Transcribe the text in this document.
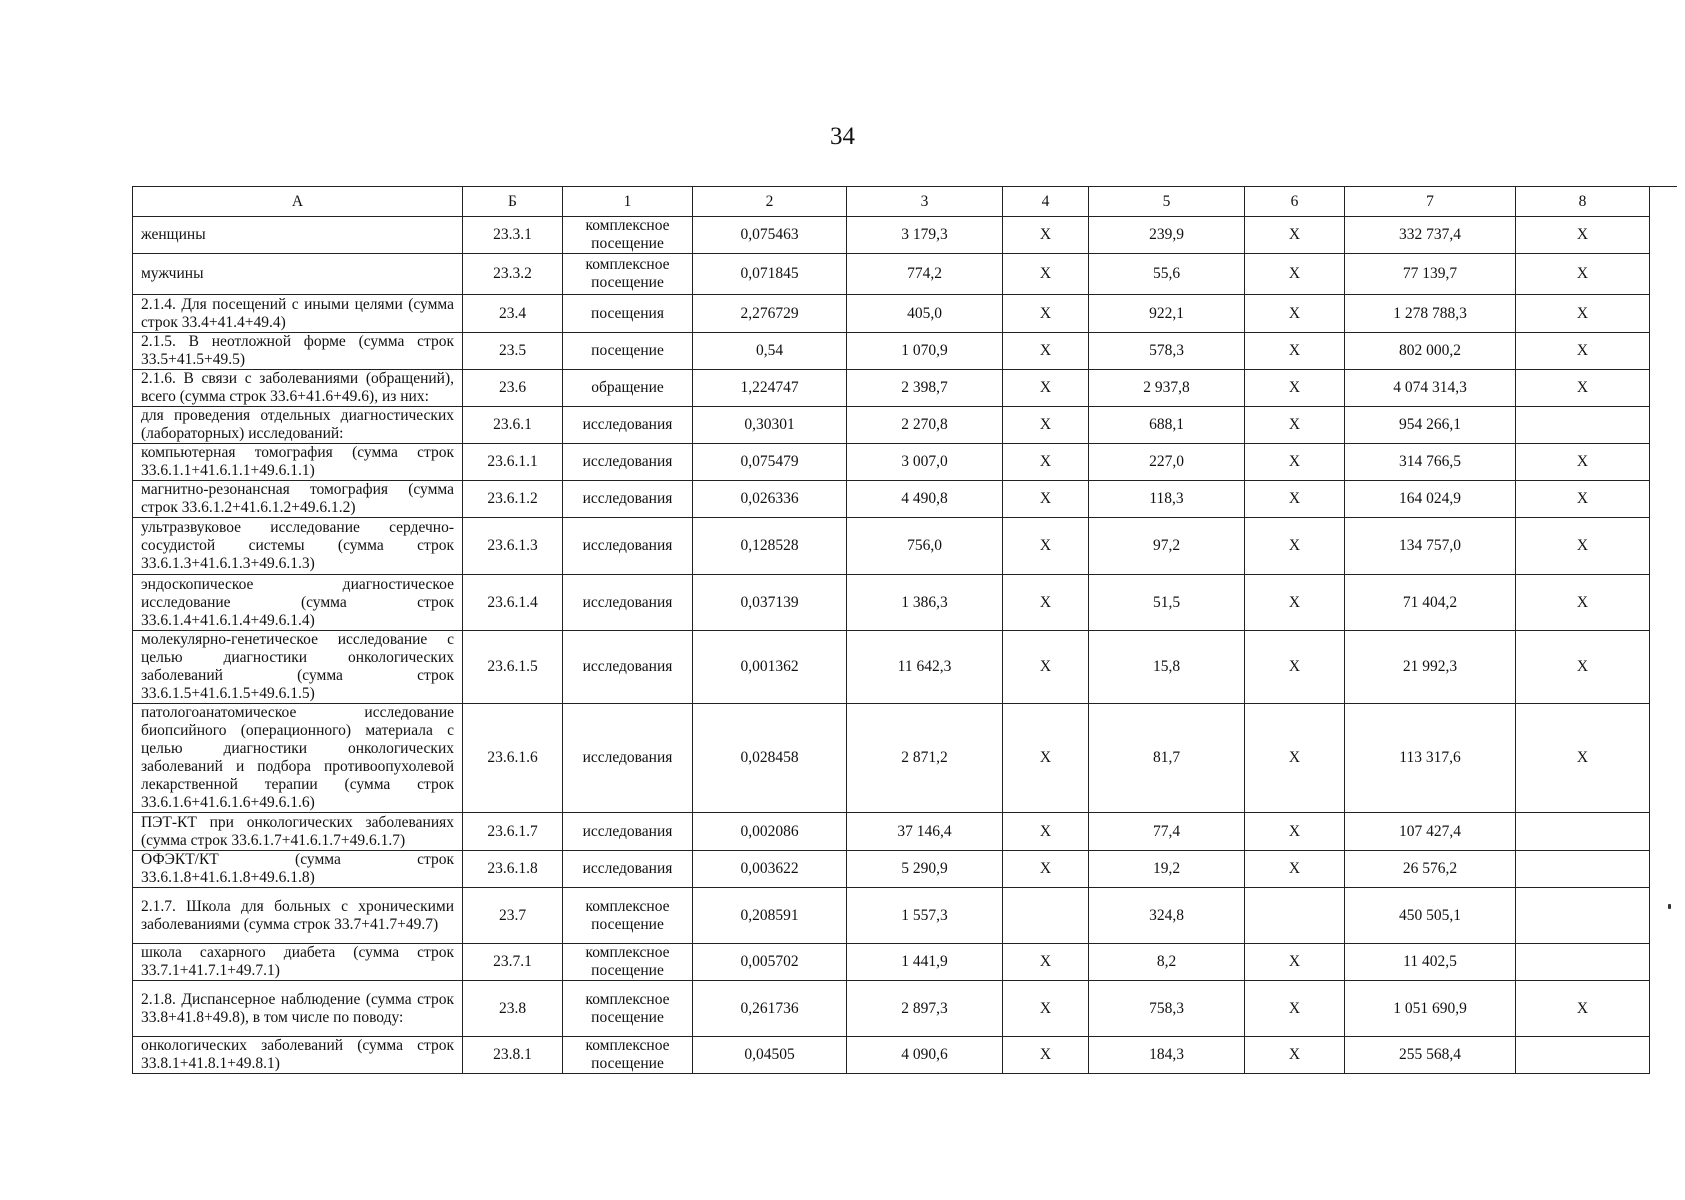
34
А	Б	1	2	3	4	5	6	7	8
женщины	23.3.1	комплексное посещение	0,075463	3 179,3	Х	239,9	Х	332 737,4	Х
мужчины	23.3.2	комплексное посещение	0,071845	774,2	Х	55,6	Х	77 139,7	Х
2.1.4. Для посещений с иными целями (сумма строк 33.4+41.4+49.4)	23.4	посещения	2,276729	405,0	Х	922,1	Х	1 278 788,3	Х
2.1.5. В неотложной форме (сумма строк 33.5+41.5+49.5)	23.5	посещение	0,54	1 070,9	Х	578,3	Х	802 000,2	Х
2.1.6. В связи с заболеваниями (обращений), всего (сумма строк 33.6+41.6+49.6), из них:	23.6	обращение	1,224747	2 398,7	Х	2 937,8	Х	4 074 314,3	Х
для проведения отдельных диагностических (лабораторных) исследований:	23.6.1	исследования	0,30301	2 270,8	Х	688,1	Х	954 266,1	
компьютерная томография (сумма строк 33.6.1.1+41.6.1.1+49.6.1.1)	23.6.1.1	исследования	0,075479	3 007,0	Х	227,0	Х	314 766,5	Х
магнитно-резонансная томография (сумма строк 33.6.1.2+41.6.1.2+49.6.1.2)	23.6.1.2	исследования	0,026336	4 490,8	Х	118,3	Х	164 024,9	Х
ультразвуковое исследование сердечно-сосудистой системы (сумма строк 33.6.1.3+41.6.1.3+49.6.1.3)	23.6.1.3	исследования	0,128528	756,0	Х	97,2	Х	134 757,0	Х
эндоскопическое диагностическое исследование (сумма строк 33.6.1.4+41.6.1.4+49.6.1.4)	23.6.1.4	исследования	0,037139	1 386,3	Х	51,5	Х	71 404,2	Х
молекулярно-генетическое исследование с целью диагностики онкологических заболеваний (сумма строк 33.6.1.5+41.6.1.5+49.6.1.5)	23.6.1.5	исследования	0,001362	11 642,3	Х	15,8	Х	21 992,3	Х
патологоанатомическое исследование биопсийного (операционного) материала с целью диагностики онкологических заболеваний и подбора противоопухолевой лекарственной терапии (сумма строк 33.6.1.6+41.6.1.6+49.6.1.6)	23.6.1.6	исследования	0,028458	2 871,2	Х	81,7	Х	113 317,6	Х
ПЭТ-КТ при онкологических заболеваниях (сумма строк 33.6.1.7+41.6.1.7+49.6.1.7)	23.6.1.7	исследования	0,002086	37 146,4	Х	77,4	Х	107 427,4	
ОФЭКТ/КТ (сумма строк 33.6.1.8+41.6.1.8+49.6.1.8)	23.6.1.8	исследования	0,003622	5 290,9	Х	19,2	Х	26 576,2	
2.1.7. Школа для больных с хроническими заболеваниями (сумма строк 33.7+41.7+49.7)	23.7	комплексное посещение	0,208591	1 557,3		324,8		450 505,1	
школа сахарного диабета (сумма строк 33.7.1+41.7.1+49.7.1)	23.7.1	комплексное посещение	0,005702	1 441,9	Х	8,2	Х	11 402,5	
2.1.8. Диспансерное наблюдение (сумма строк 33.8+41.8+49.8), в том числе по поводу:	23.8	комплексное посещение	0,261736	2 897,3	Х	758,3	Х	1 051 690,9	Х
онкологических заболеваний (сумма строк 33.8.1+41.8.1+49.8.1)	23.8.1	комплексное посещение	0,04505	4 090,6	Х	184,3	Х	255 568,4	
